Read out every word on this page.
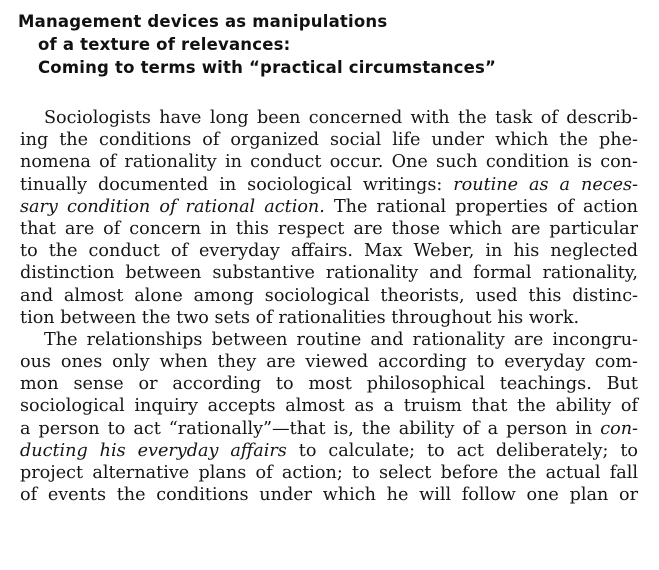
Management devices as manipulations
of a texture of relevances:
Coming to terms with “practical circumstances”
Sociologists have long been concerned with the task of describ-
ing the conditions of organized social life under which the phe-
nomena of rationality in conduct occur. One such condition is con-
tinually documented in sociological writings: routine as a neces-
sary condition of rational action. The rational properties of action
that are of concern in this respect are those which are particular
to the conduct of everyday affairs. Max Weber, in his neglected
distinction between substantive rationality and formal rationality,
and almost alone among sociological theorists, used this distinc-
tion between the two sets of rationalities throughout his work.
The relationships between routine and rationality are incongru-
ous ones only when they are viewed according to everyday com-
mon sense or according to most philosophical teachings. But
sociological inquiry accepts almost as a truism that the ability of
a person to act “rationally”—that is, the ability of a person in con-
ducting his everyday affairs to calculate; to act deliberately; to
project alternative plans of action; to select before the actual fall
of events the conditions under which he will follow one plan or
